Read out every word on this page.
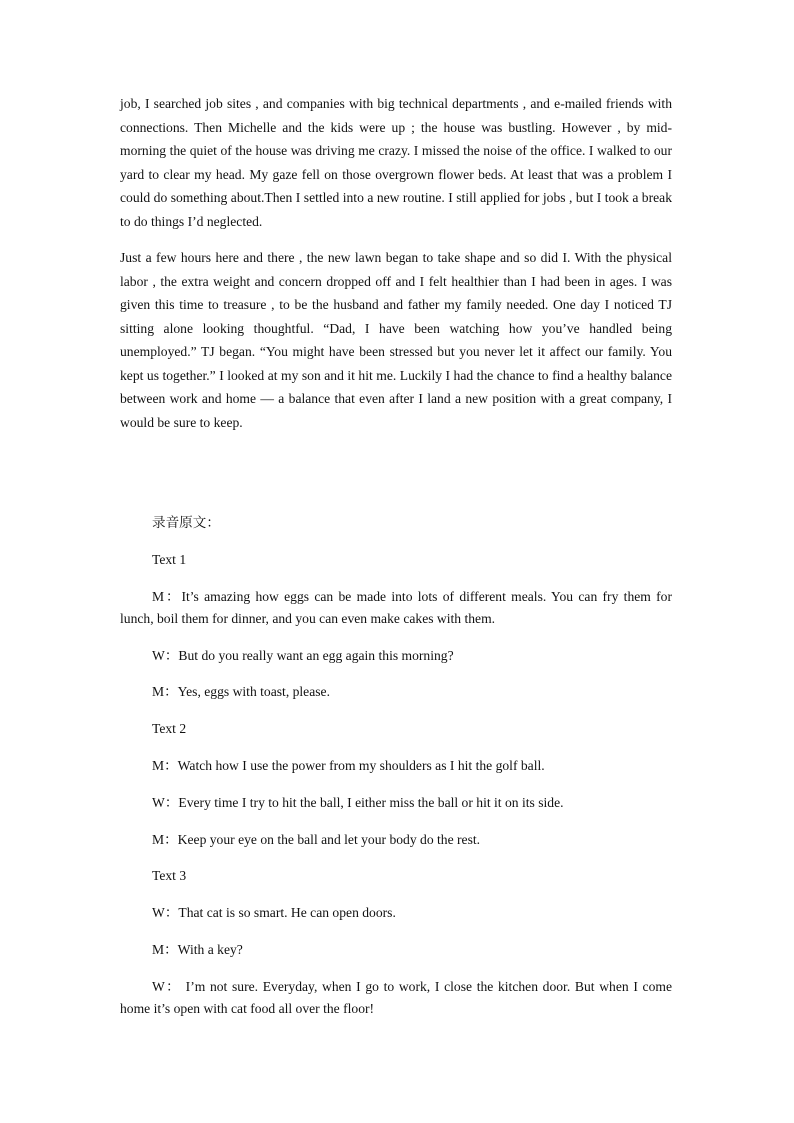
job, I searched job sites , and companies with big technical departments , and e-mailed friends with connections. Then Michelle and the kids were up ; the house was bustling. However , by mid-morning the quiet of the house was driving me crazy. I missed the noise of the office. I walked to our yard to clear my head. My gaze fell on those overgrown flower beds. At least that was a problem I could do something about.Then I settled into a new routine. I still applied for jobs , but I took a break to do things I’d neglected.

Just a few hours here and there , the new lawn began to take shape and so did I. With the physical labor , the extra weight and concern dropped off and I felt healthier than I had been in ages. I was given this time to treasure , to be the husband and father my family needed. One day I noticed TJ sitting alone looking thoughtful. “Dad, I have been watching how you’ve handled being unemployed.” TJ began. “You might have been stressed but you never let it affect our family. You kept us together.” I looked at my son and it hit me. Luckily I had the chance to find a healthy balance between work and home — a balance that even after I land a new position with a great company, I would be sure to keep.

录音原文：

Text 1

M：It’s amazing how eggs can be made into lots of different meals. You can fry them for lunch, boil them for dinner, and you can even make cakes with them.

W：But do you really want an egg again this morning?

M：Yes, eggs with toast, please.

Text 2

M：Watch how I use the power from my shoulders as I hit the golf ball.

W：Every time I try to hit the ball, I either miss the ball or hit it on its side.

M：Keep your eye on the ball and let your body do the rest.

Text 3

W：That cat is so smart. He can open doors.

M：With a key?

W： I’m not sure. Everyday, when I go to work, I close the kitchen door. But when I come home it’s open with cat food all over the floor!
